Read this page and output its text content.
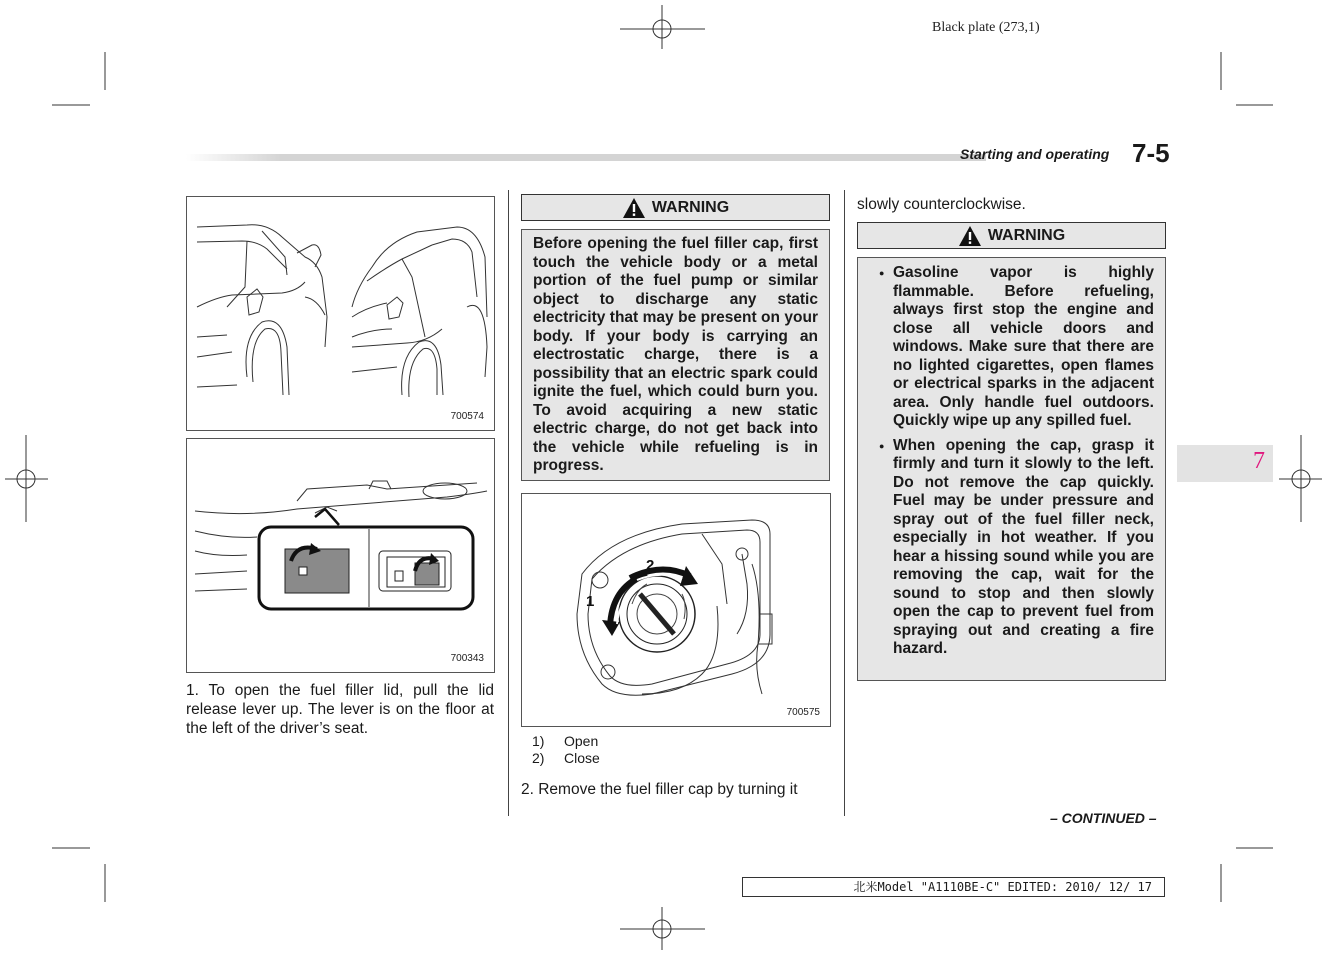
Black plate (273,1)
Starting and operating 7-5
7
700574
700343
1. To open the fuel filler lid, pull the lid release lever up. The lever is on the floor at the left of the driver’s seat.
WARNING
Before opening the fuel filler cap, first touch the vehicle body or a metal portion of the fuel pump or similar object to discharge any static electricity that may be present on your body. If your body is carrying an electrostatic charge, there is a possibility that an electric spark could ignite the fuel, which could burn you. To avoid acquiring a new static electric charge, do not get back into the vehicle while refueling is in progress.
1
2
700575
1) Open
2) Close
2. Remove the fuel filler cap by turning it
slowly counterclockwise.
WARNING
● Gasoline vapor is highly flammable. Before refueling, always first stop the engine and close all vehicle doors and windows. Make sure that there are no lighted cigarettes, open flames or electrical sparks in the adjacent area. Only handle fuel outdoors. Quickly wipe up any spilled fuel.
● When opening the cap, grasp it firmly and turn it slowly to the left. Do not remove the cap quickly. Fuel may be under pressure and spray out of the fuel filler neck, especially in hot weather. If you hear a hissing sound while you are removing the cap, wait for the sound to stop and then slowly open the cap to prevent fuel from spraying out and creating a fire hazard.
– CONTINUED –
北米Model "A1110BE-C" EDITED: 2010/ 12/ 17
